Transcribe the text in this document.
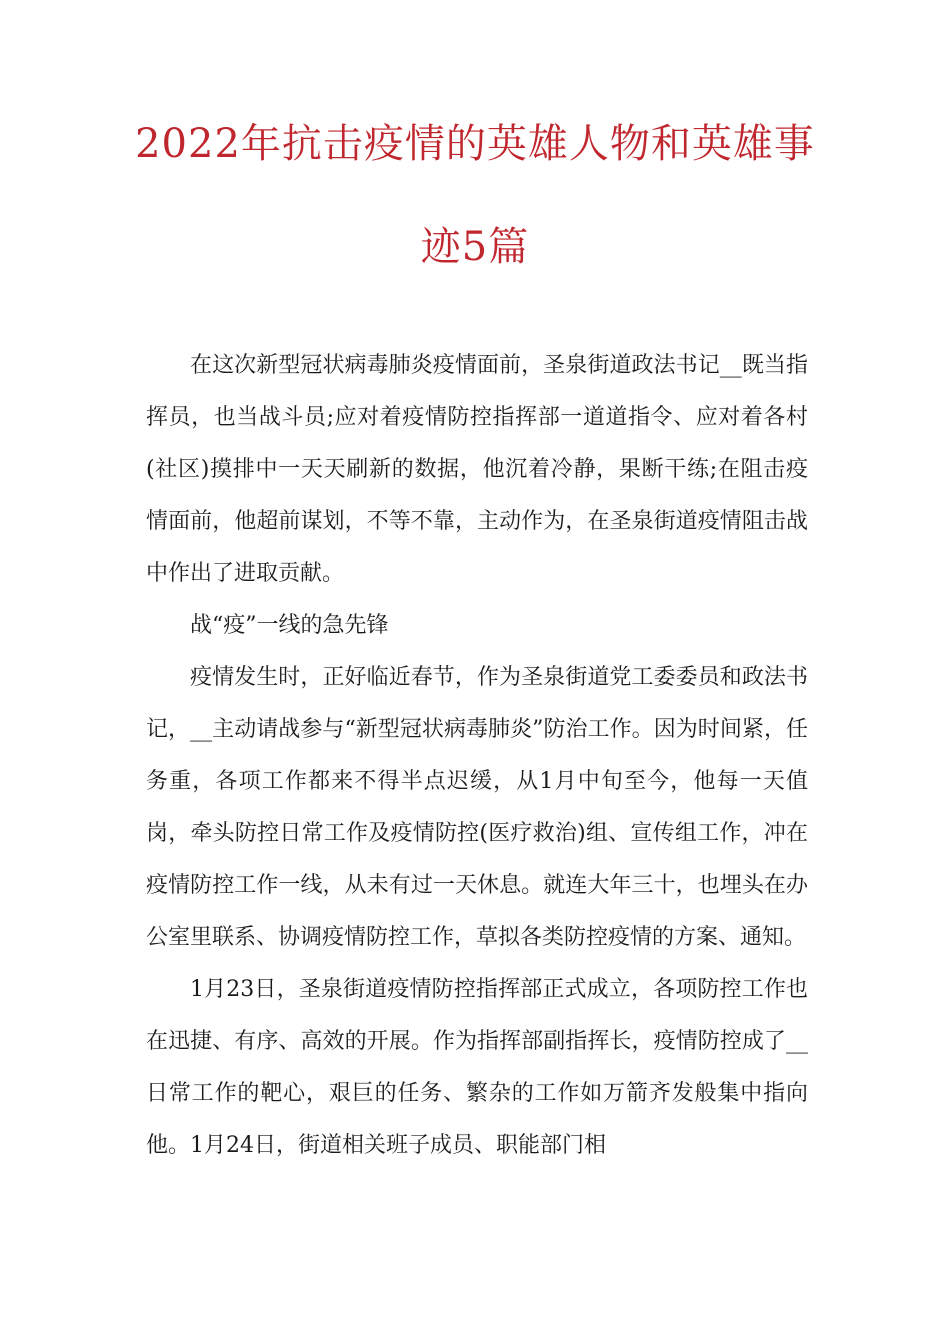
2022年抗击疫情的英雄人物和英雄事
迹5篇

在这次新型冠状病毒肺炎疫情面前，圣泉街道政法书记__既当指挥员，也当战斗员;应对着疫情防控指挥部一道道指令、应对着各村(社区)摸排中一天天刷新的数据，他沉着冷静，果断干练;在阻击疫情面前，他超前谋划，不等不靠，主动作为，在圣泉街道疫情阻击战中作出了进取贡献。

战“疫”一线的急先锋

疫情发生时，正好临近春节，作为圣泉街道党工委委员和政法书记，__主动请战参与“新型冠状病毒肺炎”防治工作。因为时间紧，任务重，各项工作都来不得半点迟缓，从1月中旬至今，他每一天值岗，牵头防控日常工作及疫情防控(医疗救治)组、宣传组工作，冲在疫情防控工作一线，从未有过一天休息。就连大年三十，也埋头在办公室里联系、协调疫情防控工作，草拟各类防控疫情的方案、通知。

1月23日，圣泉街道疫情防控指挥部正式成立，各项防控工作也在迅捷、有序、高效的开展。作为指挥部副指挥长，疫情防控成了__日常工作的靶心，艰巨的任务、繁杂的工作如万箭齐发般集中指向他。1月24日，街道相关班子成员、职能部门相
